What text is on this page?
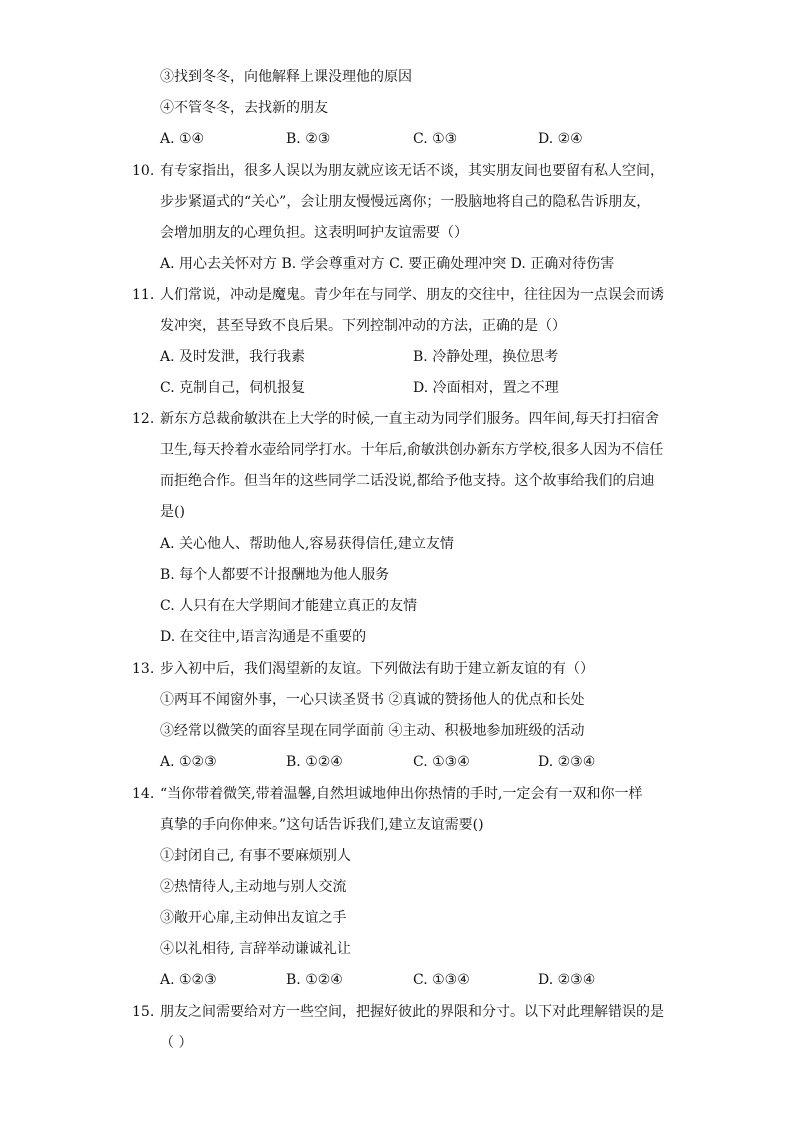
③找到冬冬，向他解释上课没理他的原因
④不管冬冬，去找新的朋友
A. ①④	B. ②③	C. ①③	D. ②④
10. 有专家指出，很多人误以为朋友就应该无话不谈，其实朋友间也要留有私人空间，
步步紧逼式的“关心”，会让朋友慢慢远离你；一股脑地将自己的隐私告诉朋友，
会增加朋友的心理负担。这表明呵护友谊需要（）
A. 用心去关怀对方 B. 学会尊重对方 C. 要正确处理冲突 D. 正确对待伤害
11. 人们常说，冲动是魔鬼。青少年在与同学、朋友的交往中，往往因为一点误会而诱
发冲突，甚至导致不良后果。下列控制冲动的方法，正确的是（）
A. 及时发泄，我行我素	B. 冷静处理，换位思考
C. 克制自己，伺机报复	D. 冷面相对，置之不理
12. 新东方总裁俞敏洪在上大学的时候,一直主动为同学们服务。四年间,每天打扫宿舍
卫生,每天拎着水壶给同学打水。十年后,俞敏洪创办新东方学校,很多人因为不信任
而拒绝合作。但当年的这些同学二话没说,都给予他支持。这个故事给我们的启迪
是()
A. 关心他人、帮助他人,容易获得信任,建立友情
B. 每个人都要不计报酬地为他人服务
C. 人只有在大学期间才能建立真正的友情
D. 在交往中,语言沟通是不重要的
13. 步入初中后，我们渴望新的友谊。下列做法有助于建立新友谊的有（）
①两耳不闻窗外事，一心只读圣贤书 ②真诚的赞扬他人的优点和长处
③经常以微笑的面容呈现在同学面前 ④主动、积极地参加班级的活动
A. ①②③	B. ①②④	C. ①③④	D. ②③④
14. “当你带着微笑,带着温馨,自然坦诚地伸出你热情的手时,一定会有一双和你一样
真挚的手向你伸来。”这句话告诉我们,建立友谊需要()
①封闭自己, 有事不要麻烦别人
②热情待人,主动地与别人交流
③敞开心扉,主动伸出友谊之手
④以礼相待, 言辞举动谦诚礼让
A. ①②③	B. ①②④	C. ①③④	D. ②③④
15. 朋友之间需要给对方一些空间，把握好彼此的界限和分寸。以下对此理解错误的是
（ ）
